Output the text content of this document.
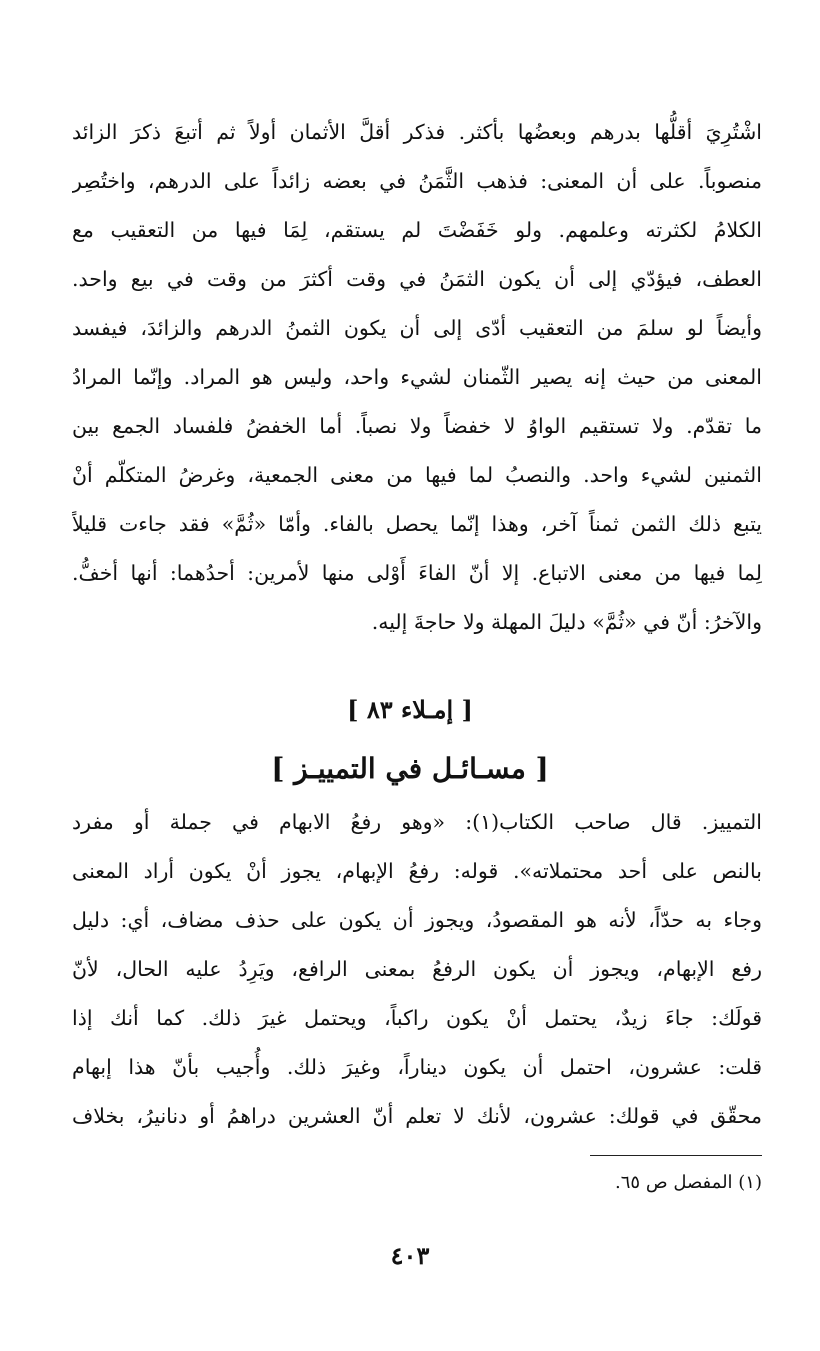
اشْتُرِيَ أقلُّها بدرهم وبعضُها بأكثر. فذكر أقلَّ الأثمان أولاً ثم أتبعَ ذكرَ الزائد
منصوباً. على أن المعنى: فذهب الثَّمَنُ في بعضه زائداً على الدرهم، واختُصِر
الكلامُ لكثرته وعلمهم. ولو خَفَضْتَ لم يستقم، لِمَا فيها من التعقيب مع
العطف، فيؤدّي إلى أن يكون الثمَنُ في وقت أكثرَ من وقت في بيع واحد.
وأيضاً لو سلمَ من التعقيب أدّى إلى أن يكون الثمنُ الدرهم والزائدَ، فيفسد
المعنى من حيث إنه يصير الثّمنان لشيء واحد، وليس هو المراد. وإنّما المرادُ
ما تقدّم. ولا تستقيم الواوُ لا خفضاً ولا نصباً. أما الخفضُ فلفساد الجمع بين
الثمنين لشيء واحد. والنصبُ لما فيها من معنى الجمعية، وغرضُ المتكلّم أنْ
يتبع ذلك الثمن ثمناً آخر، وهذا إنّما يحصل بالفاء. وأمّا «ثُمَّ» فقد جاءت قليلاً
لِما فيها من معنى الاتباع. إلا أنّ الفاءَ أَوْلى منها لأمرين: أحدُهما: أنها أخفُّ.
والآخرُ: أنّ في «ثُمَّ» دليلَ المهلة ولا حاجةَ إليه.
[ إمـلاء ٨٣ ]
[ مسـائـل في التمييـز ]
التمييز. قال صاحب الكتاب(١): «وهو رفعُ الابهام في جملة أو مفرد
بالنص على أحد محتملاته». قوله: رفعُ الإبهام، يجوز أنْ يكون أراد المعنى
وجاء به حدّاً، لأنه هو المقصودُ، ويجوز أن يكون على حذف مضاف، أي: دليل
رفع الإبهام، ويجوز أن يكون الرفعُ بمعنى الرافع، ويَرِدُ عليه الحال، لأنّ
قولَك: جاءَ زيدٌ، يحتمل أنْ يكون راكباً، ويحتمل غيرَ ذلك. كما أنك إذا
قلت: عشرون، احتمل أن يكون ديناراً، وغيرَ ذلك. وأُجيب بأنّ هذا إبهام
محقّق في قولك: عشرون، لأنك لا تعلم أنّ العشرين دراهمُ أو دنانيرُ، بخلاف
(١) المفصل ص ٦٥.
٤٠٣
